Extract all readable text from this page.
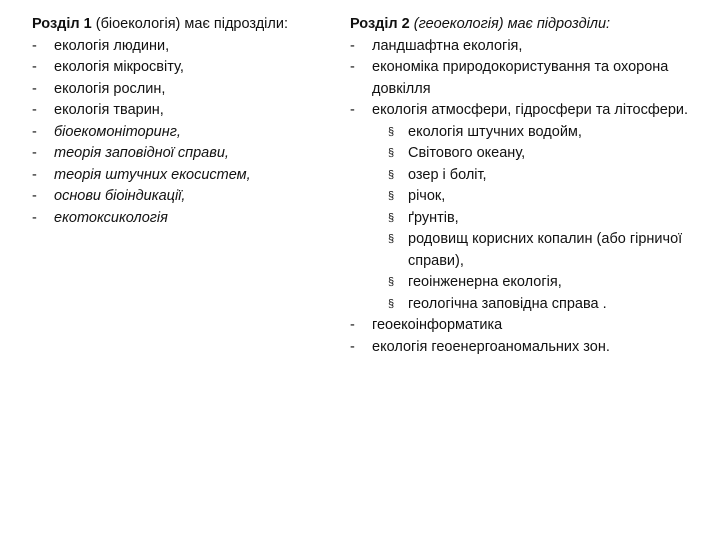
Розділ 1 (біоекологія) має підрозділи:
- екологія людини,
- екологія мікросвіту,
- екологія рослин,
- екологія тварин,
- біоекомоніторинг,
- теорія заповідної справи,
- теорія штучних екосистем,
- основи біоіндикації,
- екотоксикологія
Розділ 2 (геоекологія) має підрозділи:
- ландшафтна екологія,
- економіка природокористування та охорона довкілля
- екологія атмосфери, гідросфери та літосфери.
§ екологія штучних водойм,
§ Світового океану,
§ озер і боліт,
§ річок,
§ ґрунтів,
§ родовищ корисних копалин (або гірничої справи),
§ геоінженерна екологія,
§ геологічна заповідна справа .
- геоекоінформатика
- екологія геоенергоаномальних зон.
